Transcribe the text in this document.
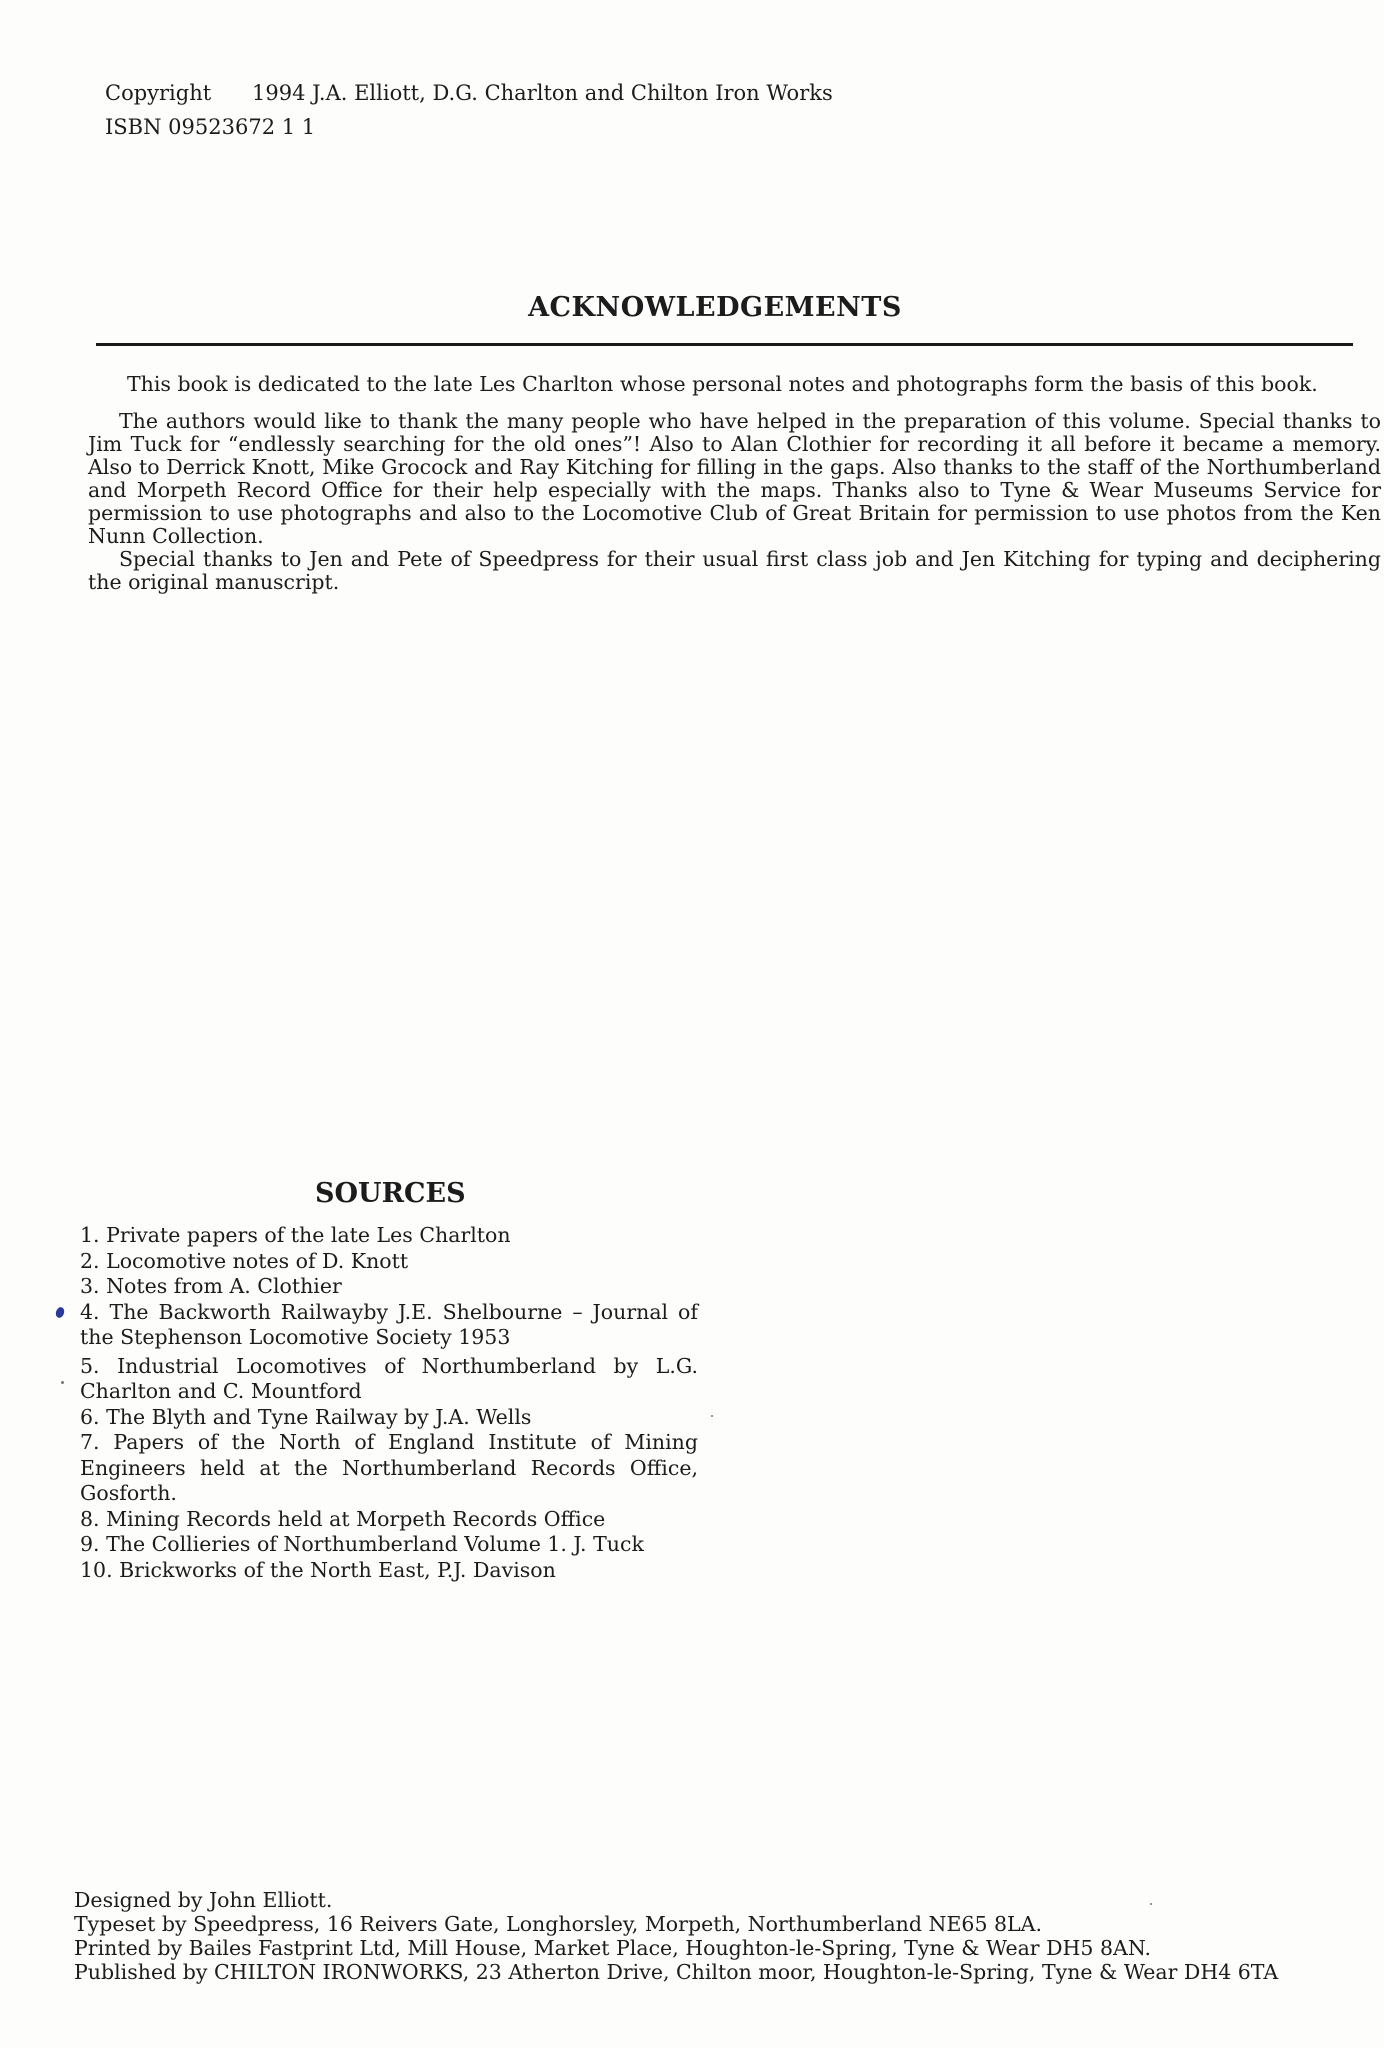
Copyright 1994 J.A. Elliott, D.G. Charlton and Chilton Iron Works
ISBN 09523672 1 1
ACKNOWLEDGEMENTS

This book is dedicated to the late Les Charlton whose personal notes and photographs form the basis of this book.

The authors would like to thank the many people who have helped in the preparation of this volume. Special thanks to Jim Tuck for “endlessly searching for the old ones”! Also to Alan Clothier for recording it all before it became a memory. Also to Derrick Knott, Mike Grocock and Ray Kitching for filling in the gaps. Also thanks to the staff of the Northumberland and Morpeth Record Office for their help especially with the maps. Thanks also to Tyne & Wear Museums Service for permission to use photographs and also to the Locomotive Club of Great Britain for permission to use photos from the Ken Nunn Collection.

Special thanks to Jen and Pete of Speedpress for their usual first class job and Jen Kitching for typing and deciphering the original manuscript.

SOURCES
1. Private papers of the late Les Charlton
2. Locomotive notes of D. Knott
3. Notes from A. Clothier
4. The Backworth Railwayby J.E. Shelbourne – Journal of the Stephenson Locomotive Society 1953
5. Industrial Locomotives of Northumberland by L.G. Charlton and C. Mountford
6. The Blyth and Tyne Railway by J.A. Wells
7. Papers of the North of England Institute of Mining Engineers held at the Northumberland Records Office, Gosforth.
8. Mining Records held at Morpeth Records Office
9. The Collieries of Northumberland Volume 1. J. Tuck
10. Brickworks of the North East, P.J. Davison
Designed by John Elliott.
Typeset by Speedpress, 16 Reivers Gate, Longhorsley, Morpeth, Northumberland NE65 8LA.
Printed by Bailes Fastprint Ltd, Mill House, Market Place, Houghton-le-Spring, Tyne & Wear DH5 8AN.
Published by CHILTON IRONWORKS, 23 Atherton Drive, Chilton moor, Houghton-le-Spring, Tyne & Wear DH4 6TA
